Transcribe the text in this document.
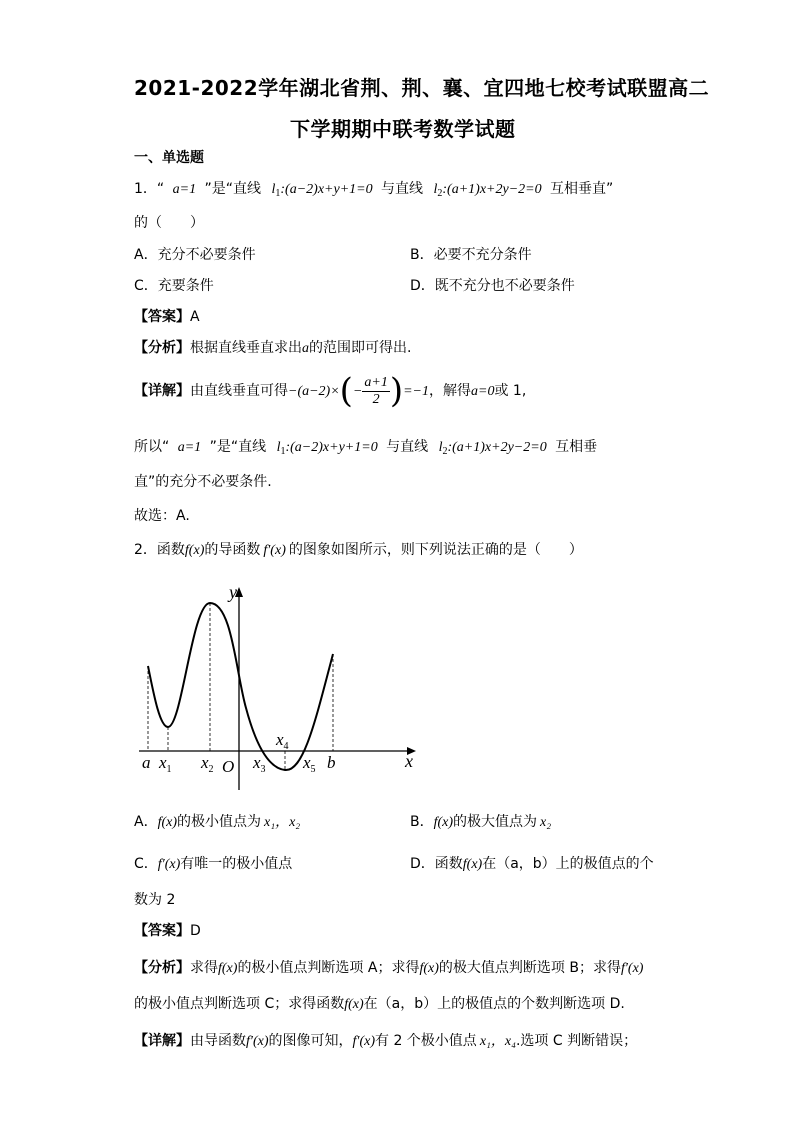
2021-2022学年湖北省荆、荆、襄、宜四地七校考试联盟高二
下学期期中联考数学试题
一、单选题
1．“ a=1 ”是“直线 $l_1:(a-2)x+y+1=0$ 与直线 $l_2:(a+1)x+2y-2=0$ 互相垂直”
的（　　）
A．充分不必要条件	B．必要不充分条件
C．充要条件	D．既不充分也不必要条件
【答案】A
【分析】根据直线垂直求出a的范围即可得出.
【详解】由直线垂直可得$-(a-2)\times(- \frac{a+1}{2} )=-1$，解得a=0或 1,
所以“ a=1 ”是“直线 $l_1:(a-2)x+y+1=0$ 与直线 $l_2:(a+1)x+2y-2=0$ 互相垂
直”的充分不必要条件.
故选：A.
2．函数f(x)的导函数 f′(x) 的图象如图所示，则下列说法正确的是（　　）
y
x
a $x_1$ $x_2$ O $x_3$
$x_4$
$x_5$ b
A．f(x)的极小值点为 x₁，x₂	B．f(x)的极大值点为 x₂
C．f′(x)有唯一的极小值点	D．函数f(x)在（a，b）上的极值点的个
数为 2
【答案】D
【分析】求得f(x)的极小值点判断选项 A；求得f(x)的极大值点判断选项 B；求得f′(x)
的极小值点判断选项 C；求得函数f(x)在（a，b）上的极值点的个数判断选项 D.
【详解】由导函数f′(x)的图像可知，f′(x)有 2 个极小值点 x₁，x₄.选项 C 判断错误；
